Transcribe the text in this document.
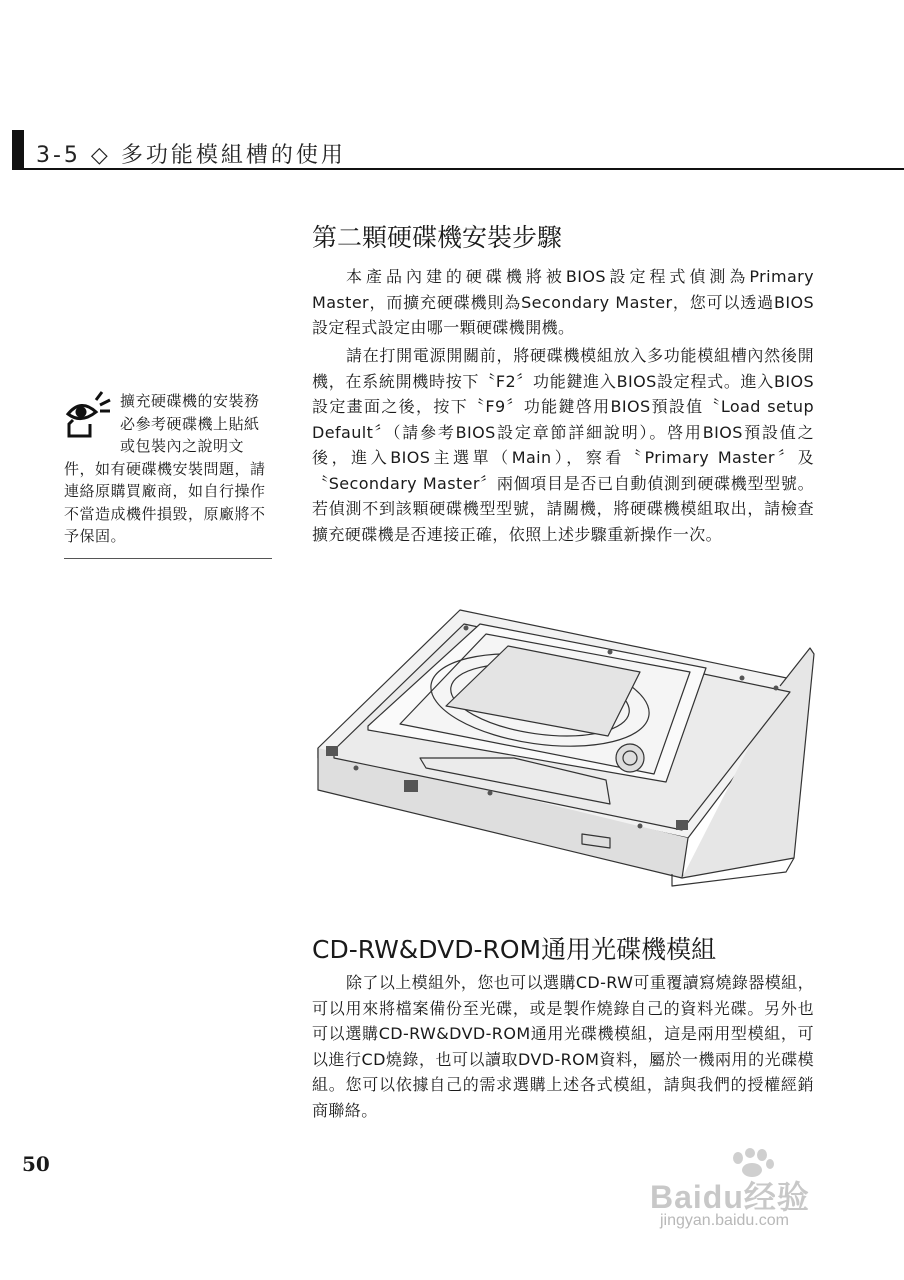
3-5 ◇ 多功能模組槽的使用
擴充硬碟機的安裝務必參考硬碟機上貼紙或包裝內之說明文件，如有硬碟機安裝問題，請連絡原購買廠商，如自行操作不當造成機件損毀，原廠將不予保固。
第二顆硬碟機安裝步驟

本產品內建的硬碟機將被BIOS設定程式偵測為Primary Master，而擴充硬碟機則為Secondary Master，您可以透過BIOS設定程式設定由哪一顆硬碟機開機。

請在打開電源開關前，將硬碟機模組放入多功能模組槽內然後開機，在系統開機時按下〝F2〞功能鍵進入BIOS設定程式。進入BIOS設定畫面之後，按下〝F9〞功能鍵啓用BIOS預設值〝Load setup Default〞（請參考BIOS設定章節詳細說明）。啓用BIOS預設值之後，進入BIOS主選單（Main），察看〝Primary Master〞及〝Secondary Master〞兩個項目是否已自動偵測到硬碟機型型號。若偵測不到該顆硬碟機型型號，請關機，將硬碟機模組取出，請檢查擴充硬碟機是否連接正確，依照上述步驟重新操作一次。

CD-RW&DVD-ROM通用光碟機模組

除了以上模組外，您也可以選購CD-RW可重覆讀寫燒錄器模組，可以用來將檔案備份至光碟，或是製作燒錄自己的資料光碟。另外也可以選購CD-RW&DVD-ROM通用光碟機模組，這是兩用型模組，可以進行CD燒錄，也可以讀取DVD-ROM資料，屬於一機兩用的光碟模組。您可以依據自己的需求選購上述各式模組，請與我們的授權經銷商聯絡。

50
Baidu经验
jingyan.baidu.com
